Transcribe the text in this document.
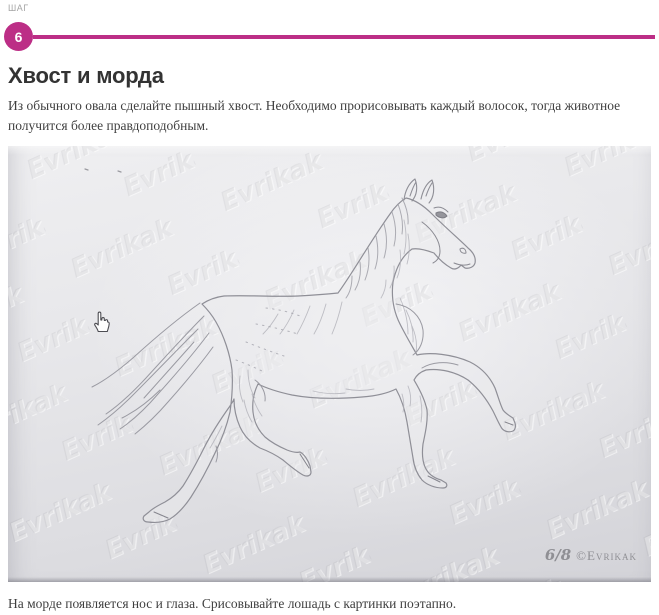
ШАГ
6
Хвост и морда

Из обычного овала сделайте пышный хвост. Необходимо прорисовывать каждый волосок, тогда животное получится более правдоподобным.

6/8 ©Evrikak

На морде появляется нос и глаза. Срисовывайте лошадь с картинки поэтапно.
